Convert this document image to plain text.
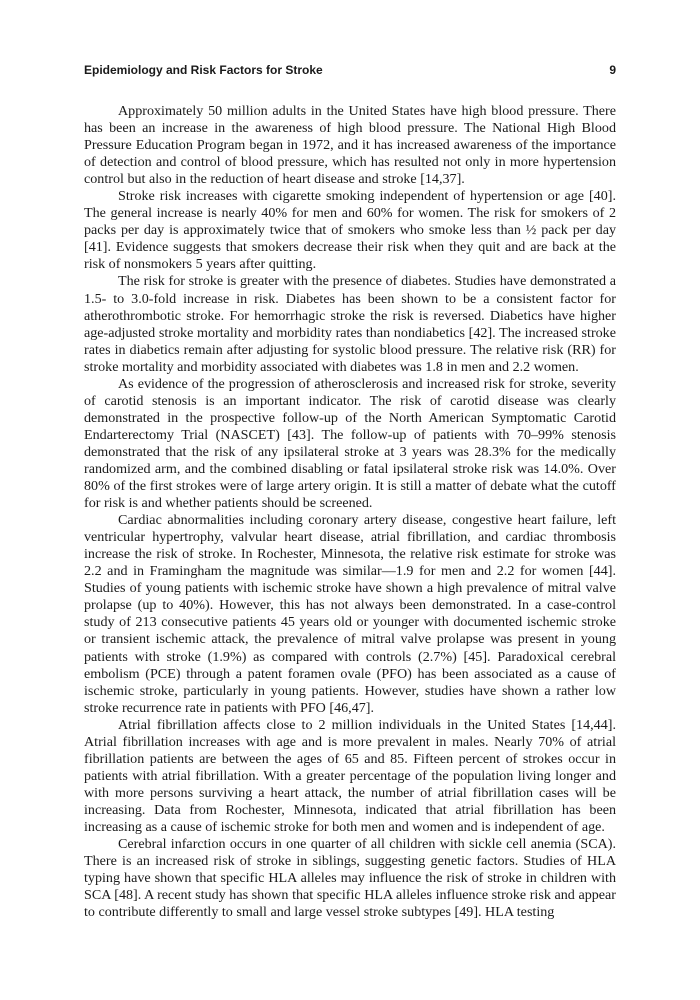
Epidemiology and Risk Factors for Stroke	9

Approximately 50 million adults in the United States have high blood pressure. There has been an increase in the awareness of high blood pressure. The National High Blood Pressure Education Program began in 1972, and it has increased awareness of the importance of detection and control of blood pressure, which has resulted not only in more hypertension control but also in the reduction of heart disease and stroke [14,37].

Stroke risk increases with cigarette smoking independent of hypertension or age [40]. The general increase is nearly 40% for men and 60% for women. The risk for smokers of 2 packs per day is approximately twice that of smokers who smoke less than ½ pack per day [41]. Evidence suggests that smokers decrease their risk when they quit and are back at the risk of nonsmokers 5 years after quitting.

The risk for stroke is greater with the presence of diabetes. Studies have demonstrated a 1.5- to 3.0-fold increase in risk. Diabetes has been shown to be a consistent factor for atherothrombotic stroke. For hemorrhagic stroke the risk is reversed. Diabetics have higher age-adjusted stroke mortality and morbidity rates than nondiabetics [42]. The increased stroke rates in diabetics remain after adjusting for systolic blood pressure. The relative risk (RR) for stroke mortality and morbidity associated with diabetes was 1.8 in men and 2.2 women.

As evidence of the progression of atherosclerosis and increased risk for stroke, severity of carotid stenosis is an important indicator. The risk of carotid disease was clearly demonstrated in the prospective follow-up of the North American Symptomatic Carotid Endarterectomy Trial (NASCET) [43]. The follow-up of patients with 70–99% stenosis demonstrated that the risk of any ipsilateral stroke at 3 years was 28.3% for the medically randomized arm, and the combined disabling or fatal ipsilateral stroke risk was 14.0%. Over 80% of the first strokes were of large artery origin. It is still a matter of debate what the cutoff for risk is and whether patients should be screened.

Cardiac abnormalities including coronary artery disease, congestive heart failure, left ventricular hypertrophy, valvular heart disease, atrial fibrillation, and cardiac thrombosis increase the risk of stroke. In Rochester, Minnesota, the relative risk estimate for stroke was 2.2 and in Framingham the magnitude was similar—1.9 for men and 2.2 for women [44]. Studies of young patients with ischemic stroke have shown a high prevalence of mitral valve prolapse (up to 40%). However, this has not always been demonstrated. In a case-control study of 213 consecutive patients 45 years old or younger with documented ischemic stroke or transient ischemic attack, the prevalence of mitral valve prolapse was present in young patients with stroke (1.9%) as compared with controls (2.7%) [45]. Paradoxical cerebral embolism (PCE) through a patent foramen ovale (PFO) has been associated as a cause of ischemic stroke, particularly in young patients. However, studies have shown a rather low stroke recurrence rate in patients with PFO [46,47].

Atrial fibrillation affects close to 2 million individuals in the United States [14,44]. Atrial fibrillation increases with age and is more prevalent in males. Nearly 70% of atrial fibrillation patients are between the ages of 65 and 85. Fifteen percent of strokes occur in patients with atrial fibrillation. With a greater percentage of the population living longer and with more persons surviving a heart attack, the number of atrial fibrillation cases will be increasing. Data from Rochester, Minnesota, indicated that atrial fibrillation has been increasing as a cause of ischemic stroke for both men and women and is independent of age.

Cerebral infarction occurs in one quarter of all children with sickle cell anemia (SCA). There is an increased risk of stroke in siblings, suggesting genetic factors. Studies of HLA typing have shown that specific HLA alleles may influence the risk of stroke in children with SCA [48]. A recent study has shown that specific HLA alleles influence stroke risk and appear to contribute differently to small and large vessel stroke subtypes [49]. HLA testing
